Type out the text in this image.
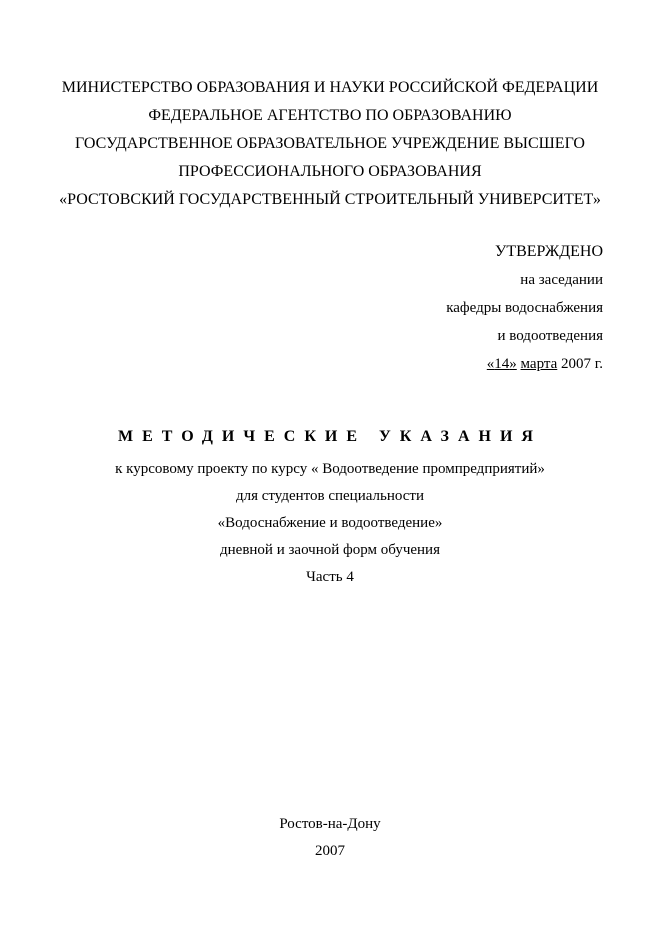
МИНИСТЕРСТВО ОБРАЗОВАНИЯ И НАУКИ РОССИЙСКОЙ ФЕДЕРАЦИИ
ФЕДЕРАЛЬНОЕ АГЕНТСТВО ПО ОБРАЗОВАНИЮ
ГОСУДАРСТВЕННОЕ ОБРАЗОВАТЕЛЬНОЕ УЧРЕЖДЕНИЕ ВЫСШЕГО
ПРОФЕССИОНАЛЬНОГО ОБРАЗОВАНИЯ
«РОСТОВСКИЙ ГОСУДАРСТВЕННЫЙ СТРОИТЕЛЬНЫЙ УНИВЕРСИТЕТ»
УТВЕРЖДЕНО
на заседании
кафедры водоснабжения
и водоотведения
«14» марта 2007 г.
МЕТОДИЧЕСКИЕ УКАЗАНИЯ
к курсовому проекту по курсу « Водоотведение промпредприятий»
для студентов специальности
«Водоснабжение и водоотведение»
дневной и заочной форм обучения
Часть 4
Ростов-на-Дону
2007
